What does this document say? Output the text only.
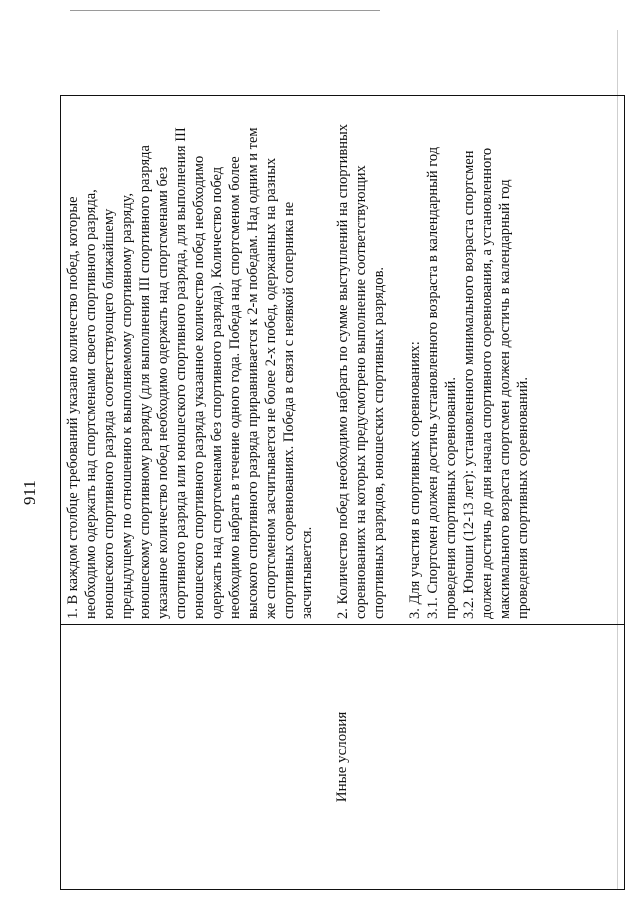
911
Иные условия	
1. В каждом столбце требований указано количество побед, которые необходимо одержать над спортсменами своего спортивного разряда, юношеского спортивного разряда соответствующего ближайшему предыдущему по отношению к выполняемому спортивному разряду, юношескому спортивному разряду (для выполнения III спортивного разряда указанное количество побед необходимо одержать над спортсменами без спортивного разряда или юношеского спортивного разряда, для выполнения III юношеского спортивного разряда указанное количество побед необходимо одержать над спортсменами без спортивного разряда). Количество побед необходимо набрать в течение одного года. Победа над спортсменом более высокого спортивного разряда приравнивается к 2-м победам. Над одним и тем же спортсменом засчитывается не более 2-х побед, одержанных на разных спортивных соревнованиях. Победа в связи с неявкой соперника не засчитывается. 2. Количество побед необходимо набрать по сумме выступлений на спортивных соревнованиях на которых предусмотрено выполнение соответствующих спортивных разрядов, юношеских спортивных разрядов. 3. Для участия в спортивных соревнованиях: 3.1. Спортсмен должен достичь установленного возраста в календарный год проведения спортивных соревнований. 3.2. Юноши (12-13 лет): установленного минимального возраста спортсмен должен достичь до дня начала спортивного соревнования, а установленного максимального возраста спортсмен должен достичь в календарный год проведения спортивных соревнований.
